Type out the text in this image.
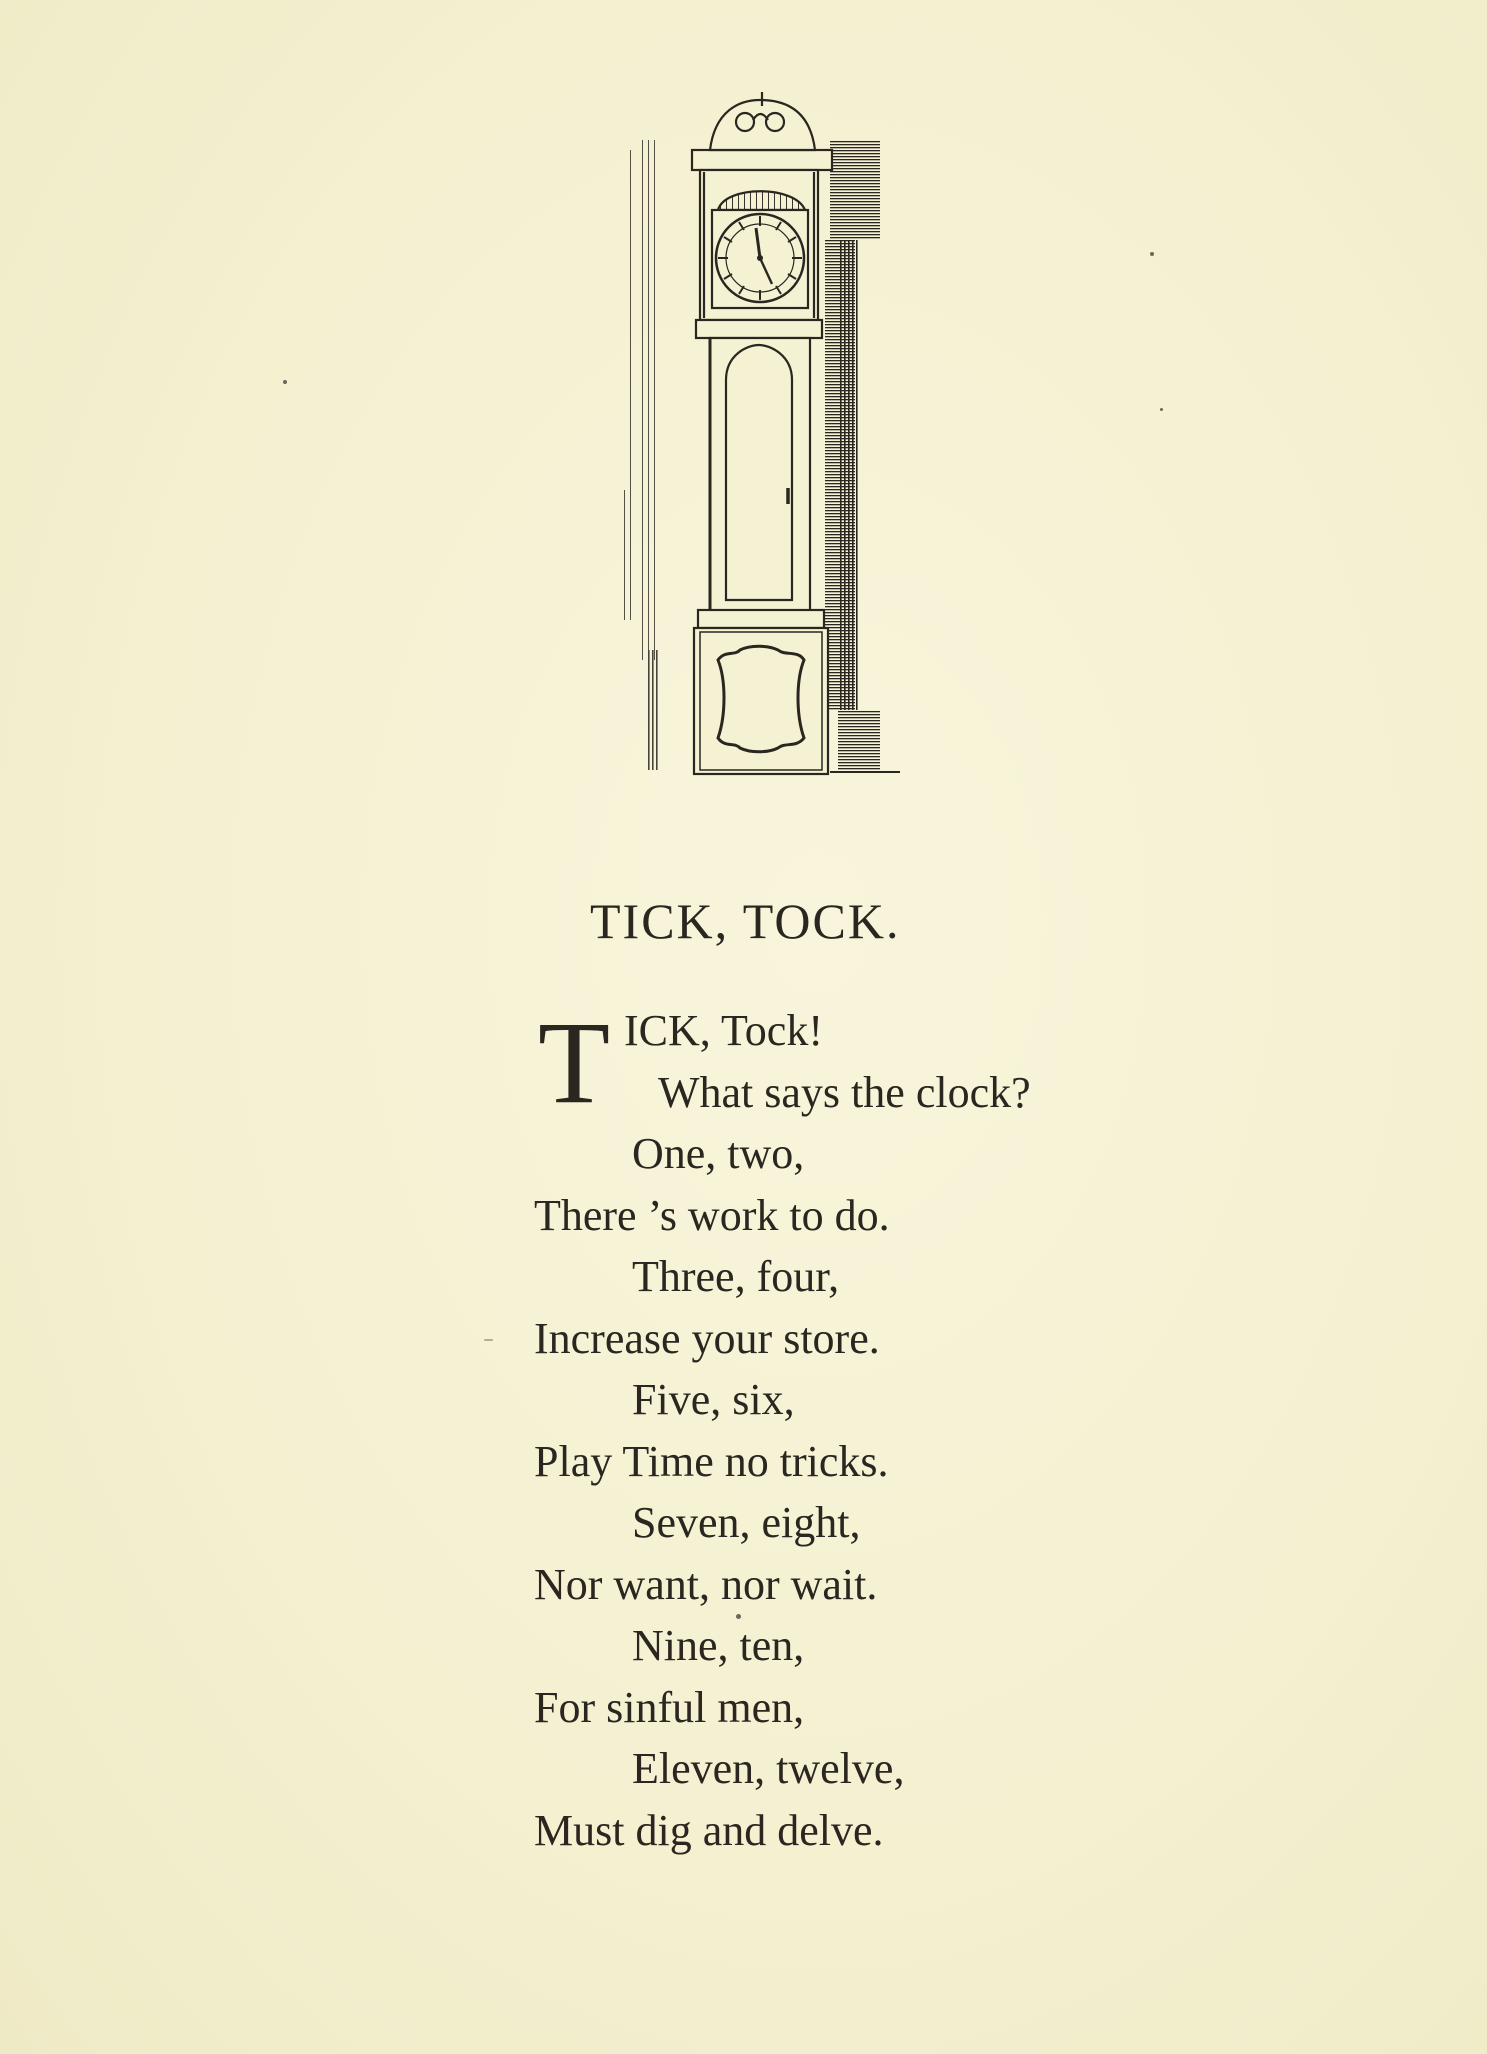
TICK, TOCK.
T ICK, Tock!
What says the clock?
One, two,
There ’s work to do.
Three, four,
Increase your store.
Five, six,
Play Time no tricks.
Seven, eight,
Nor want, nor wait.
Nine, ten,
For sinful men,
Eleven, twelve,
Must dig and delve.
